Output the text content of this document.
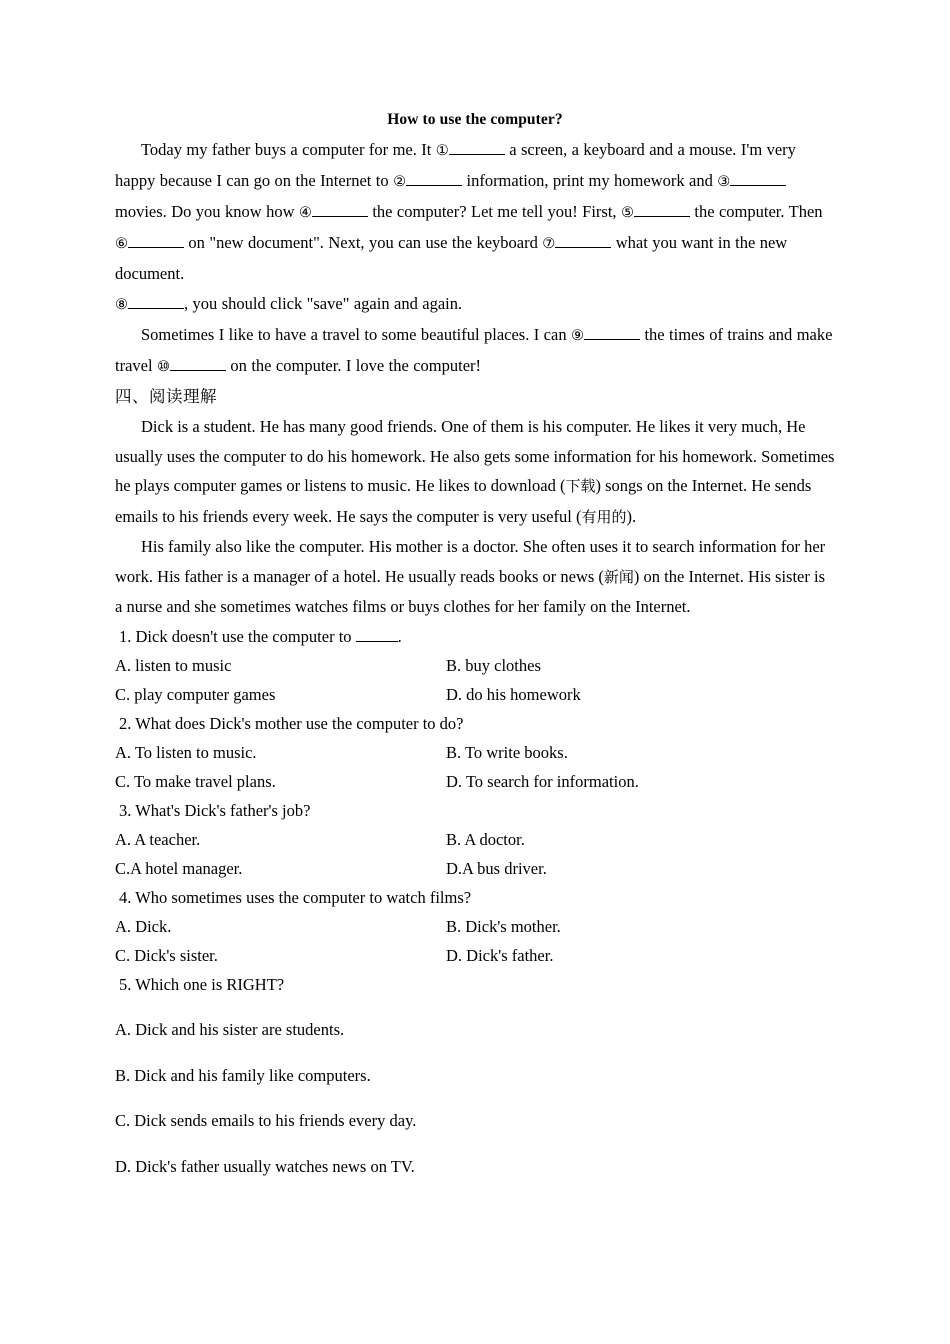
How to use the computer?

Today my father buys a computer for me. It ①	a screen, a keyboard and a mouse. I'm very happy because I can go on the Internet to ②	information, print my homework and ③ movies. Do you know how ④	the computer? Let me tell you! First, ⑤	the computer. Then ⑥	on "new document". Next, you can use the keyboard ⑦	what you want in the new document.

⑧	, you should click "save" again and again.

Sometimes I like to have a travel to some beautiful places. I can ⑨	the times of trains and make travel ⑩	on the computer. I love the computer!

四、阅读理解

Dick is a student. He has many good friends. One of them is his computer. He likes it very much, He usually uses the computer to do his homework. He also gets some information for his homework. Sometimes he plays computer games or listens to music. He likes to download (下载) songs on the Internet. He sends emails to his friends every week. He says the computer is very useful (有用的).

His family also like the computer. His mother is a doctor. She often uses it to search information for her work. His father is a manager of a hotel. He usually reads books or news (新闻) on the Internet. His sister is a nurse and she sometimes watches films or buys clothes for her family on the Internet.

1. Dick doesn't use the computer to	.

A. listen to music	B. buy clothes
C. play computer games	D. do his homework

2. What does Dick's mother use the computer to do?

A. To listen to music.	B. To write books.
C. To make travel plans.	D. To search for information.

3. What's Dick's father's job?

A. A teacher.	B. A doctor.
C.A hotel manager.	D.A bus driver.

4. Who sometimes uses the computer to watch films?

A. Dick.	B. Dick's mother.
C. Dick's sister.	D. Dick's father.

5. Which one is RIGHT?

A. Dick and his sister are students.

B. Dick and his family like computers.

C. Dick sends emails to his friends every day.

D. Dick's father usually watches news on TV.
